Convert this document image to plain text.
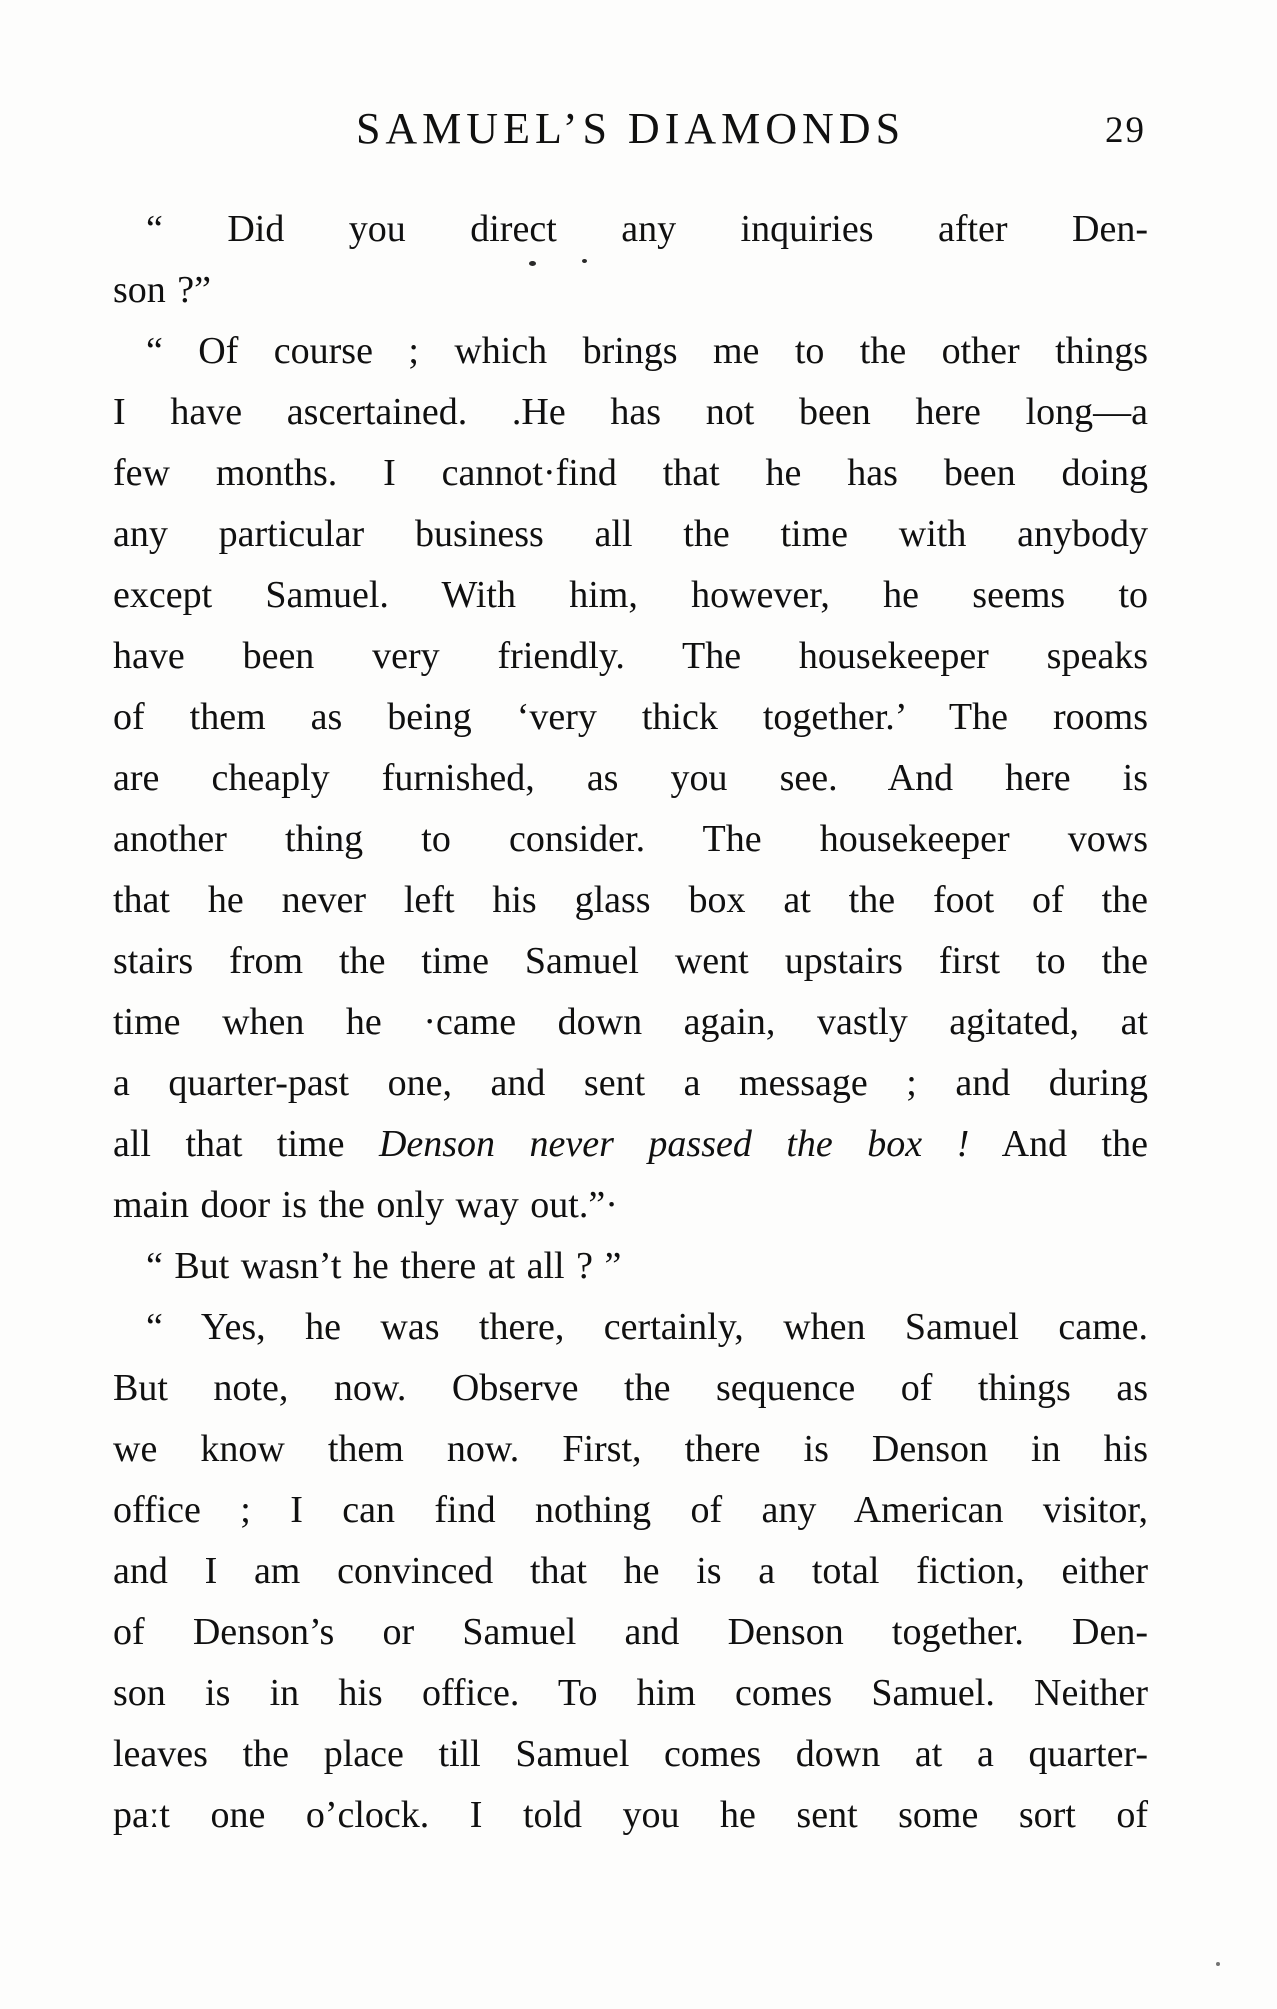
SAMUEL’S DIAMONDS	29
“ Did you direct any inquiries after Den-
son ?”
“ Of course ; which brings me to the other things
I have ascertained. .He has not been here long—a
few months. I cannot·find that he has been doing
any particular business all the time with anybody
except Samuel. With him, however, he seems to
have been very friendly. The housekeeper speaks
of them as being ‘very thick together.’ The rooms
are cheaply furnished, as you see. And here is
another thing to consider. The housekeeper vows
that he never left his glass box at the foot of the
stairs from the time Samuel went upstairs first to the
time when he ·came down again, vastly agitated, at
a quarter-past one, and sent a message ; and during
all that time Denson never passed the box ! And the
main door is the only way out.”·
“ But wasn’t he there at all ? ”
“ Yes, he was there, certainly, when Samuel came.
But note, now. Observe the sequence of things as
we know them now. First, there is Denson in his
office ; I can find nothing of any American visitor,
and I am convinced that he is a total fiction, either
of Denson’s or Samuel and Denson together. Den-
son is in his office. To him comes Samuel. Neither
leaves the place till Samuel comes down at a quarter-
paːt one o’clock. I told you he sent some sort of
